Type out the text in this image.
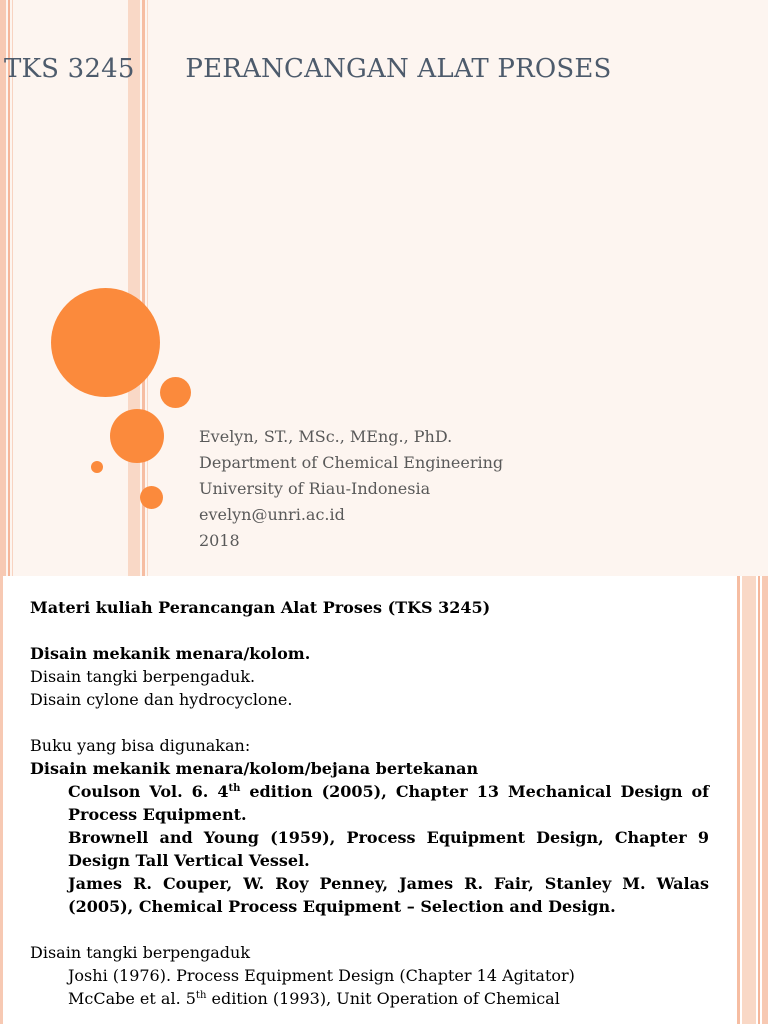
TKS 3245 PERANCANGAN ALAT PROSES
Evelyn, ST., MSc., MEng., PhD.
Department of Chemical Engineering
University of Riau-Indonesia
evelyn@unri.ac.id
2018
Materi kuliah Perancangan Alat Proses (TKS 3245)
Disain mekanik menara/kolom.
Disain tangki berpengaduk.
Disain cylone dan hydrocyclone.
Buku yang bisa digunakan:
Disain mekanik menara/kolom/bejana bertekanan
Coulson Vol. 6. 4th edition (2005), Chapter 13 Mechanical Design of Process Equipment.
Brownell and Young (1959), Process Equipment Design, Chapter 9 Design Tall Vertical Vessel.
James R. Couper, W. Roy Penney, James R. Fair, Stanley M. Walas (2005), Chemical Process Equipment – Selection and Design.
Disain tangki berpengaduk
Joshi (1976). Process Equipment Design (Chapter 14 Agitator)
McCabe et al. 5th edition (1993), Unit Operation of Chemical
